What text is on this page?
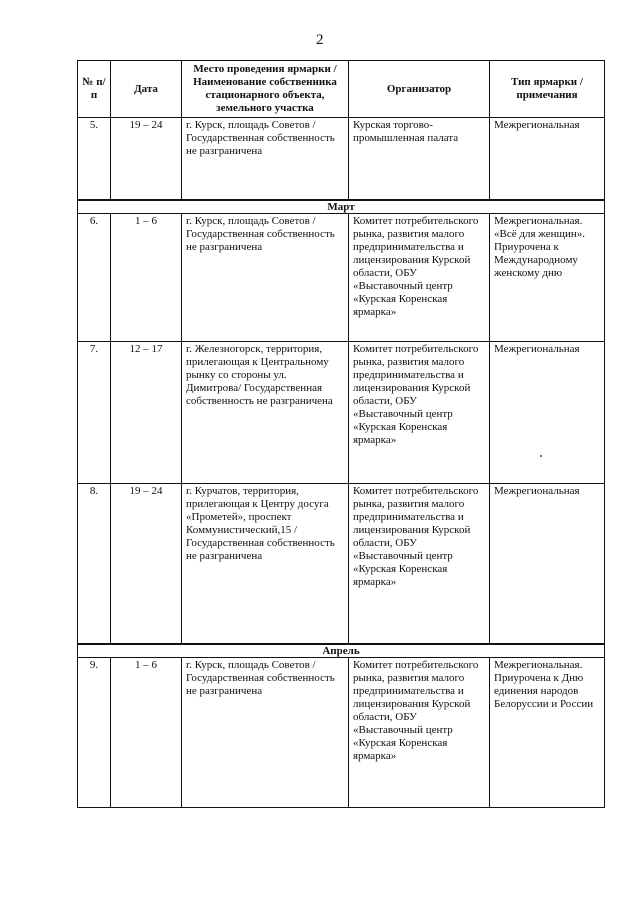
2
№ п/п	Дата	Место проведения ярмарки / Наименование собственника стационарного объекта, земельного участка	Организатор	Тип ярмарки / примечания
5.	19 – 24	г. Курск, площадь Советов /Государственная собственность не разграничена	Курская торгово-промышленная палата	Межрегиональная
Март				
6.	1 – 6	г. Курск, площадь Советов /Государственная собственность не разграничена	Комитет потребительского рынка, развития малого предпринимательства и лицензирования Курской области, ОБУ «Выставочный центр «Курская Коренская ярмарка»	Межрегиональная. «Всё для женщин». Приурочена к Международному женскому дню
7.	12 – 17	г. Железногорск, территория, прилегающая к Центральному рынку со стороны ул. Димитрова/ Государственная собственность не разграничена	Комитет потребительского рынка, развития малого предпринимательства и лицензирования Курской области, ОБУ «Выставочный центр «Курская Коренская ярмарка»	Межрегиональная
8.	19 – 24	г. Курчатов, территория, прилегающая к Центру досуга «Прометей», проспект Коммунистический,15 /Государственная собственность не разграничена	Комитет потребительского рынка, развития малого предпринимательства и лицензирования Курской области, ОБУ «Выставочный центр «Курская Коренская ярмарка»	Межрегиональная
Апрель				
9.	1 – 6	г. Курск, площадь Советов /Государственная собственность не разграничена	Комитет потребительского рынка, развития малого предпринимательства и лицензирования Курской области, ОБУ «Выставочный центр «Курская Коренская ярмарка»	Межрегиональная. Приурочена к Дню единения народов Белоруссии и России
